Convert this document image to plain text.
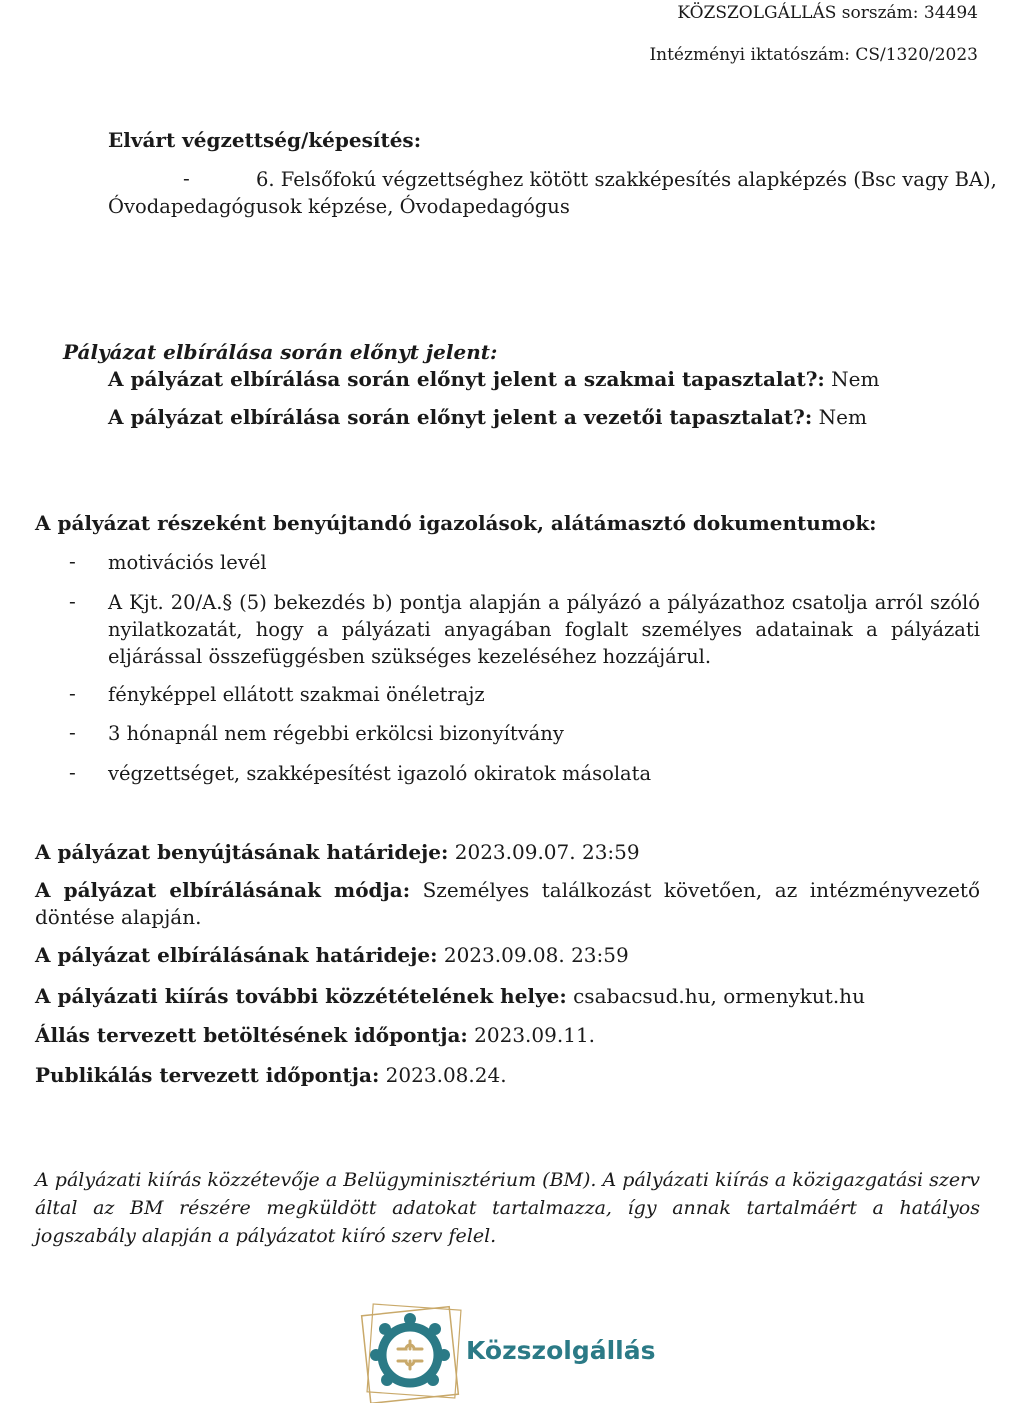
KÖZSZOLGÁLLÁS sorszám: 34494
Intézményi iktatószám: CS/1320/2023
Elvárt végzettség/képesítés:
-	6. Felsőfokú végzettséghez kötött szakképesítés alapképzés (Bsc vagy BA),
Óvodapedagógusok képzése, Óvodapedagógus
Pályázat elbírálása során előnyt jelent:
A pályázat elbírálása során előnyt jelent a szakmai tapasztalat?: Nem
A pályázat elbírálása során előnyt jelent a vezetői tapasztalat?: Nem
A pályázat részeként benyújtandó igazolások, alátámasztó dokumentumok:
- motivációs levél
- A Kjt. 20/A.§ (5) bekezdés b) pontja alapján a pályázó a pályázathoz csatolja arról szóló nyilatkozatát, hogy a pályázati anyagában foglalt személyes adatainak a pályázati eljárással összefüggésben szükséges kezeléséhez hozzájárul.
- fényképpel ellátott szakmai önéletrajz
- 3 hónapnál nem régebbi erkölcsi bizonyítvány
- végzettséget, szakképesítést igazoló okiratok másolata
A pályázat benyújtásának határideje: 2023.09.07. 23:59
A pályázat elbírálásának módja: Személyes találkozást követően, az intézményvezető döntése alapján.
A pályázat elbírálásának határideje: 2023.09.08. 23:59
A pályázati kiírás további közzétételének helye: csabacsud.hu, ormenykut.hu
Állás tervezett betöltésének időpontja: 2023.09.11.
Publikálás tervezett időpontja: 2023.08.24.
A pályázati kiírás közzétevője a Belügyminisztérium (BM). A pályázati kiírás a közigazgatási szerv által az BM részére megküldött adatokat tartalmazza, így annak tartalmáért a hatályos jogszabály alapján a pályázatot kiíró szerv felel.
Közszolgállás
